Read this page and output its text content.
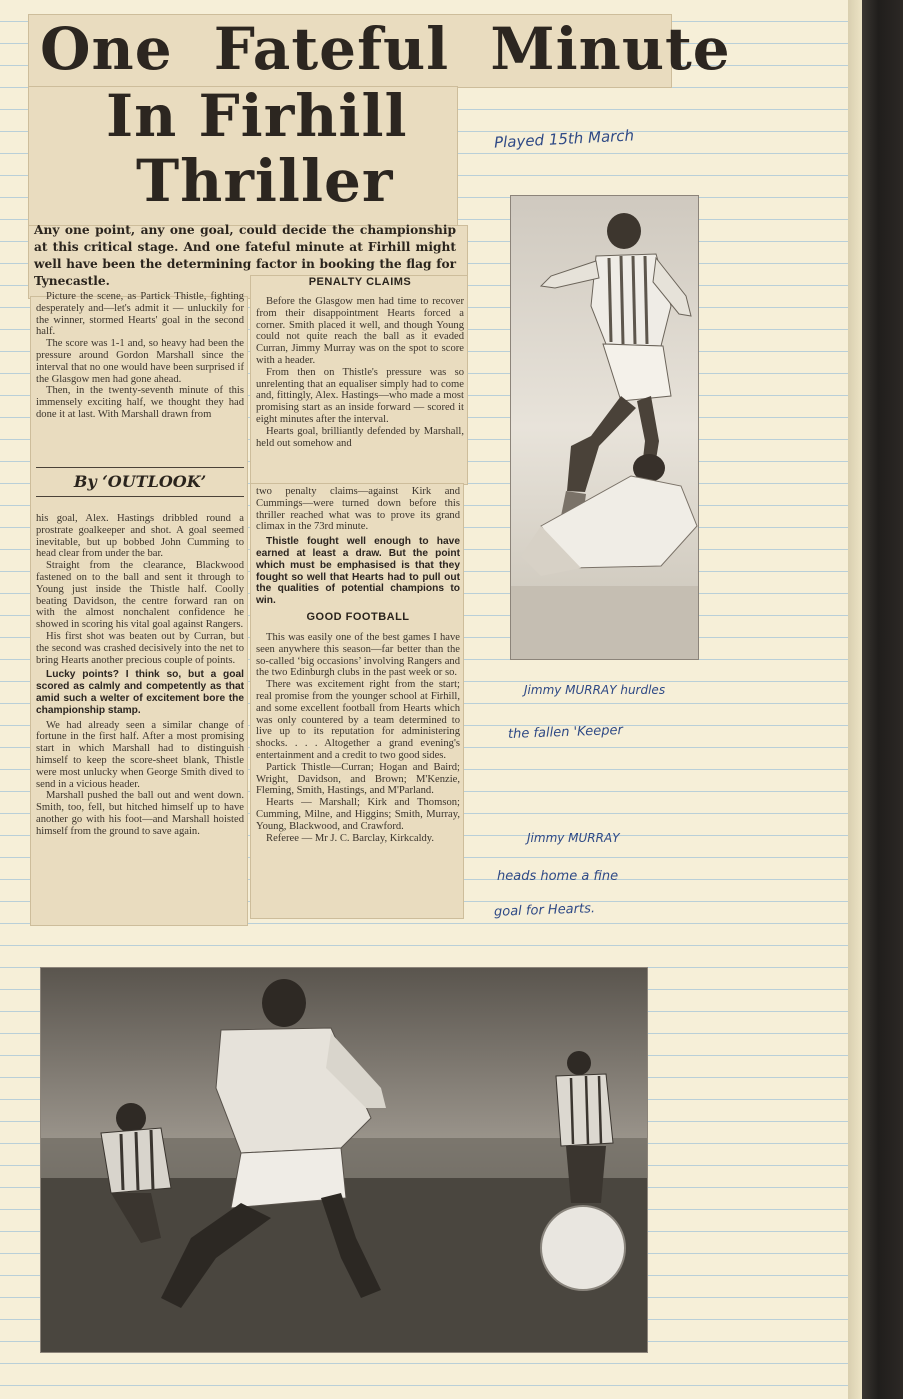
One Fateful Minute
In Firhill
Thriller

Any one point, any one goal, could decide the championship at this critical stage. And one fateful minute at Firhill might well have been the determining factor in booking the flag for Tynecastle.

Picture the scene, as Partick Thistle, fighting desperately and—let's admit it — unluckily for the winner, stormed Hearts' goal in the second half.

The score was 1-1 and, so heavy had been the pressure around Gordon Marshall since the interval that no one would have been surprised if the Glasgow men had gone ahead.

Then, in the twenty-seventh minute of this immensely exciting half, we thought they had done it at last. With Marshall drawn from

By ‘OUTLOOK’

his goal, Alex. Hastings dribbled round a prostrate goalkeeper and shot. A goal seemed inevitable, but up bobbed John Cumming to head clear from under the bar.

Straight from the clearance, Blackwood fastened on to the ball and sent it through to Young just inside the Thistle half. Coolly beating Davidson, the centre forward ran on with the almost nonchalent confidence he showed in scoring his vital goal against Rangers.

His first shot was beaten out by Curran, but the second was crashed decisively into the net to bring Hearts another precious couple of points.

Lucky points? I think so, but a goal scored as calmly and competently as that amid such a welter of excitement bore the championship stamp.

We had already seen a similar change of fortune in the first half. After a most promising start in which Marshall had to distinguish himself to keep the score-sheet blank, Thistle were most unlucky when George Smith dived to send in a vicious header.

Marshall pushed the ball out and went down. Smith, too, fell, but hitched himself up to have another go with his foot—and Marshall hoisted himself from the ground to save again.

PENALTY CLAIMS

Before the Glasgow men had time to recover from their disappointment Hearts forced a corner. Smith placed it well, and though Young could not quite reach the ball as it evaded Curran, Jimmy Murray was on the spot to score with a header.

From then on Thistle's pressure was so unrelenting that an equaliser simply had to come and, fittingly, Alex. Hastings—who made a most promising start as an inside forward — scored it eight minutes after the interval.

Hearts goal, brilliantly defended by Marshall, held out somehow and

two penalty claims—against Kirk and Cummings—were turned down before this thriller reached what was to prove its grand climax in the 73rd minute.

Thistle fought well enough to have earned at least a draw. But the point which must be emphasised is that they fought so well that Hearts had to pull out the qualities of potential champions to win.

GOOD FOOTBALL

This was easily one of the best games I have seen anywhere this season—far better than the so-called ‘big occasions’ involving Rangers and the two Edinburgh clubs in the past week or so.

There was excitement right from the start; real promise from the younger school at Firhill, and some excellent football from Hearts which was only countered by a team determined to live up to its reputation for administering shocks. . . . Altogether a grand evening's entertainment and a credit to two good sides.

Partick Thistle—Curran; Hogan and Baird; Wright, Davidson, and Brown; M'Kenzie, Fleming, Smith, Hastings, and M'Parland.

Hearts — Marshall; Kirk and Thomson; Cumming, Milne, and Higgins; Smith, Murray, Young, Blackwood, and Crawford.

Referee — Mr J. C. Barclay, Kirkcaldy.

Played 15th March
Jimmy MURRAY hurdles
the fallen 'Keeper
Jimmy MURRAY
heads home a fine
goal for Hearts.
